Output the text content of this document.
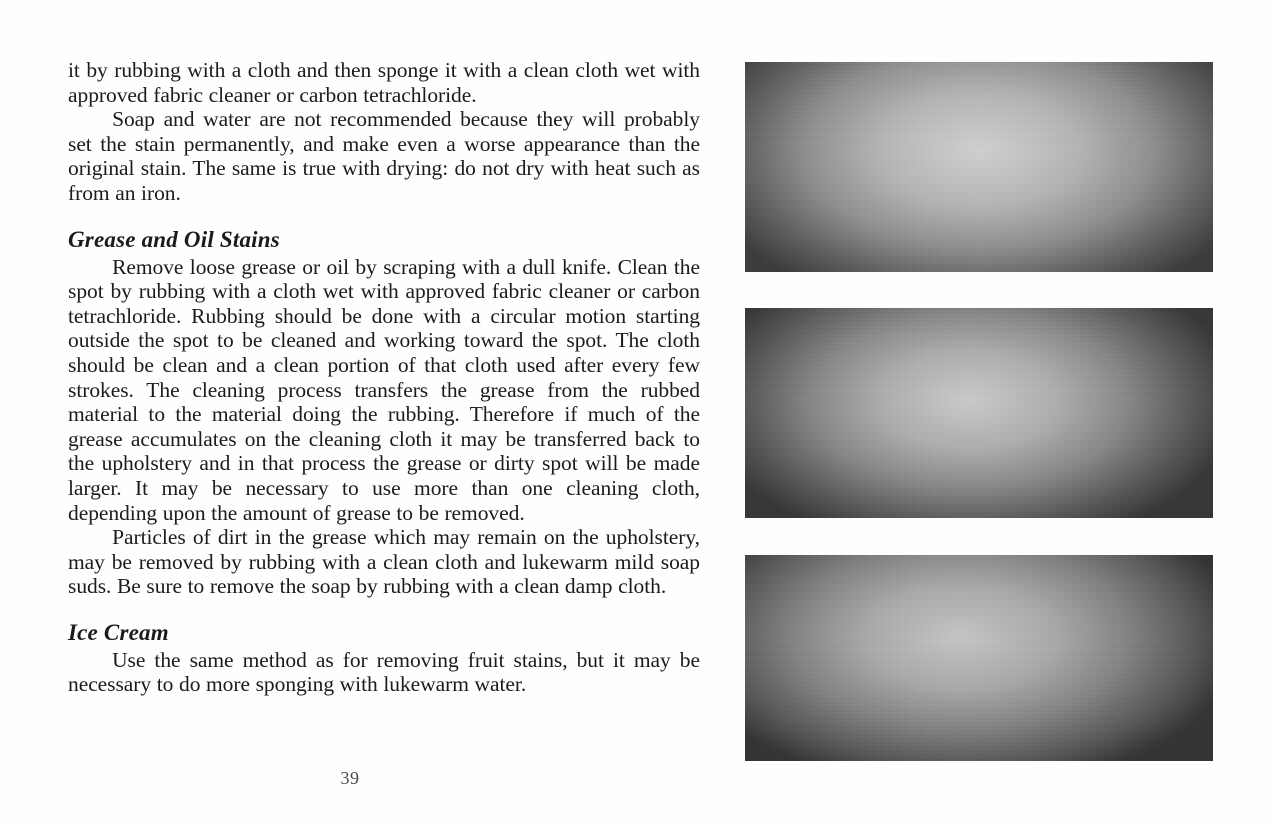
it by rubbing with a cloth and then sponge it with a clean cloth wet with approved fabric cleaner or carbon tetrachloride.

Soap and water are not recommended because they will probably set the stain permanently, and make even a worse appearance than the original stain. The same is true with drying: do not dry with heat such as from an iron.

Grease and Oil Stains

Remove loose grease or oil by scraping with a dull knife. Clean the spot by rubbing with a cloth wet with approved fabric cleaner or carbon tetrachloride. Rubbing should be done with a circular motion starting outside the spot to be cleaned and working toward the spot. The cloth should be clean and a clean portion of that cloth used after every few strokes. The cleaning process transfers the grease from the rubbed material to the material doing the rubbing. Therefore if much of the grease accumulates on the cleaning cloth it may be transferred back to the upholstery and in that process the grease or dirty spot will be made larger. It may be necessary to use more than one cleaning cloth, depending upon the amount of grease to be removed.

Particles of dirt in the grease which may remain on the upholstery, may be removed by rubbing with a clean cloth and lukewarm mild soap suds. Be sure to remove the soap by rubbing with a clean damp cloth.

Ice Cream

Use the same method as for removing fruit stains, but it may be necessary to do more sponging with lukewarm water.

39
